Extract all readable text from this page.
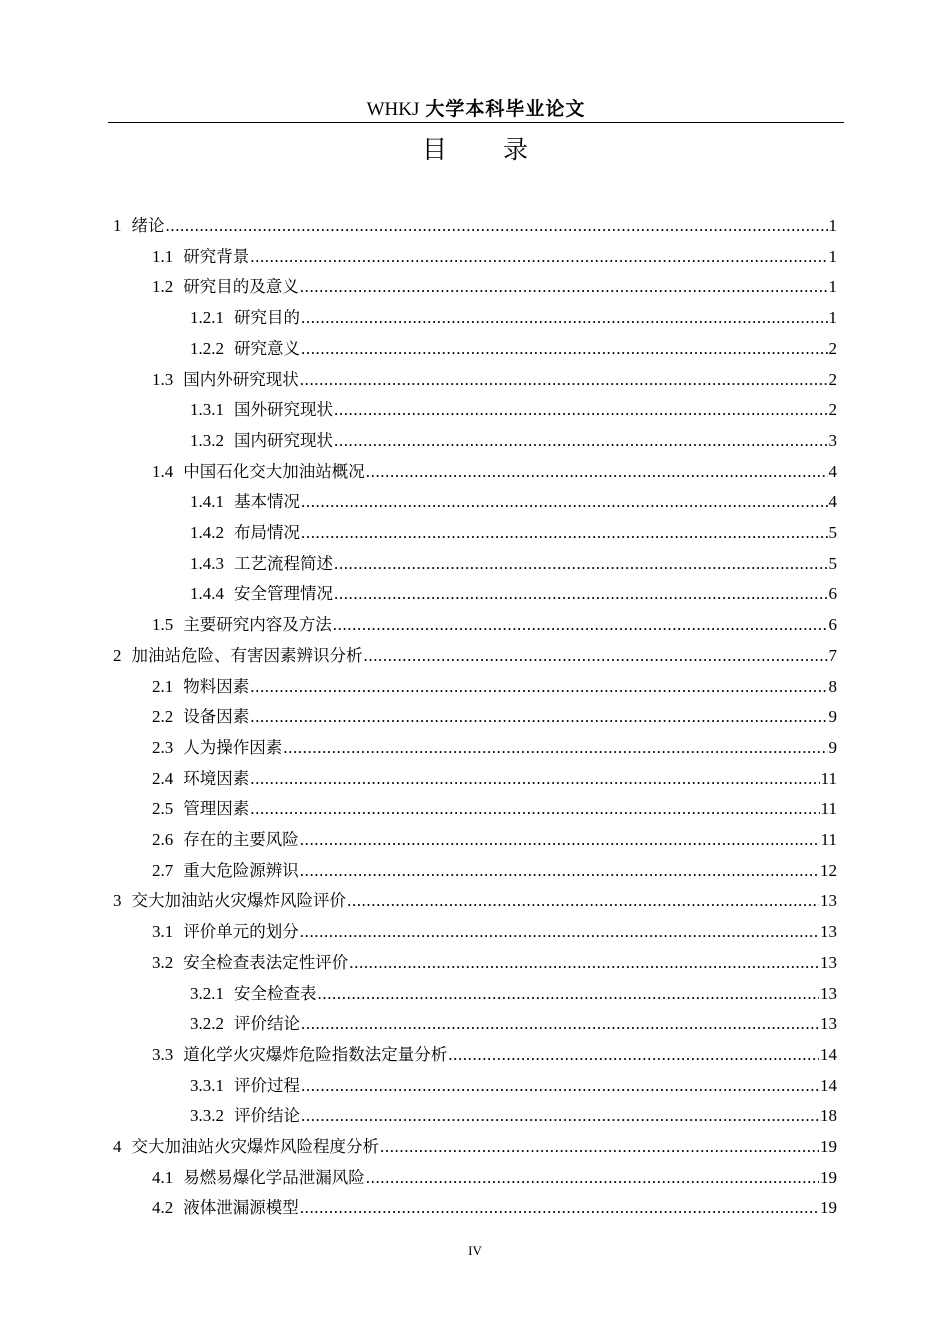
WHKJ 大学本科毕业论文
目 录
1 绪论 .....	1
1.1 研究背景 .....	1
1.2 研究目的及意义 .....	1
1.2.1 研究目的 .....	1
1.2.2 研究意义 .....	2
1.3 国内外研究现状 .....	2
1.3.1 国外研究现状 .....	2
1.3.2 国内研究现状 .....	3
1.4 中国石化交大加油站概况 .....	4
1.4.1 基本情况 .....	4
1.4.2 布局情况 .....	5
1.4.3 工艺流程简述 .....	5
1.4.4 安全管理情况 .....	6
1.5 主要研究内容及方法 .....	6
2 加油站危险、有害因素辨识分析 .....	7
2.1 物料因素 .....	8
2.2 设备因素 .....	9
2.3 人为操作因素 .....	9
2.4 环境因素 .....	11
2.5 管理因素 .....	11
2.6 存在的主要风险 .....	11
2.7 重大危险源辨识 .....	12
3 交大加油站火灾爆炸风险评价 .....	13
3.1 评价单元的划分 .....	13
3.2 安全检查表法定性评价 .....	13
3.2.1 安全检查表 .....	13
3.2.2 评价结论 .....	13
3.3 道化学火灾爆炸危险指数法定量分析 .....	14
3.3.1 评价过程 .....	14
3.3.2 评价结论 .....	18
4 交大加油站火灾爆炸风险程度分析 .....	19
4.1 易燃易爆化学品泄漏风险 .....	19
4.2 液体泄漏源模型 .....	19
IV
